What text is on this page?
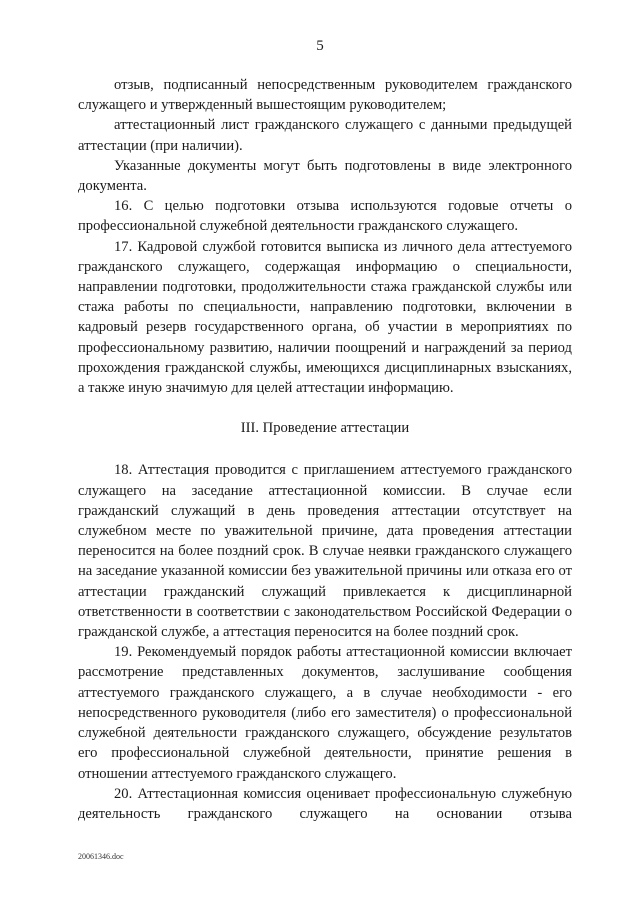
5

отзыв, подписанный непосредственным руководителем гражданского служащего и утвержденный вышестоящим руководителем;

аттестационный лист гражданского служащего с данными предыдущей аттестации (при наличии).

Указанные документы могут быть подготовлены в виде электронного документа.

16. С целью подготовки отзыва используются годовые отчеты о профессиональной служебной деятельности гражданского служащего.

17. Кадровой службой готовится выписка из личного дела аттестуемого гражданского служащего, содержащая информацию о специальности, направлении подготовки, продолжительности стажа гражданской службы или стажа работы по специальности, направлению подготовки, включении в кадровый резерв государственного органа, об участии в мероприятиях по профессиональному развитию, наличии поощрений и награждений за период прохождения гражданской службы, имеющихся дисциплинарных взысканиях, а также иную значимую для целей аттестации информацию.

III. Проведение аттестации

18. Аттестация проводится с приглашением аттестуемого гражданского служащего на заседание аттестационной комиссии. В случае если гражданский служащий в день проведения аттестации отсутствует на служебном месте по уважительной причине, дата проведения аттестации переносится на более поздний срок. В случае неявки гражданского служащего на заседание указанной комиссии без уважительной причины или отказа его от аттестации гражданский служащий привлекается к дисциплинарной ответственности в соответствии с законодательством Российской Федерации о гражданской службе, а аттестация переносится на более поздний срок.

19. Рекомендуемый порядок работы аттестационной комиссии включает рассмотрение представленных документов, заслушивание сообщения аттестуемого гражданского служащего, а в случае необходимости - его непосредственного руководителя (либо его заместителя) о профессиональной служебной деятельности гражданского служащего, обсуждение результатов его профессиональной служебной деятельности, принятие решения в отношении аттестуемого гражданского служащего.

20. Аттестационная комиссия оценивает профессиональную служебную деятельность гражданского служащего на основании отзыва

20061346.doc
